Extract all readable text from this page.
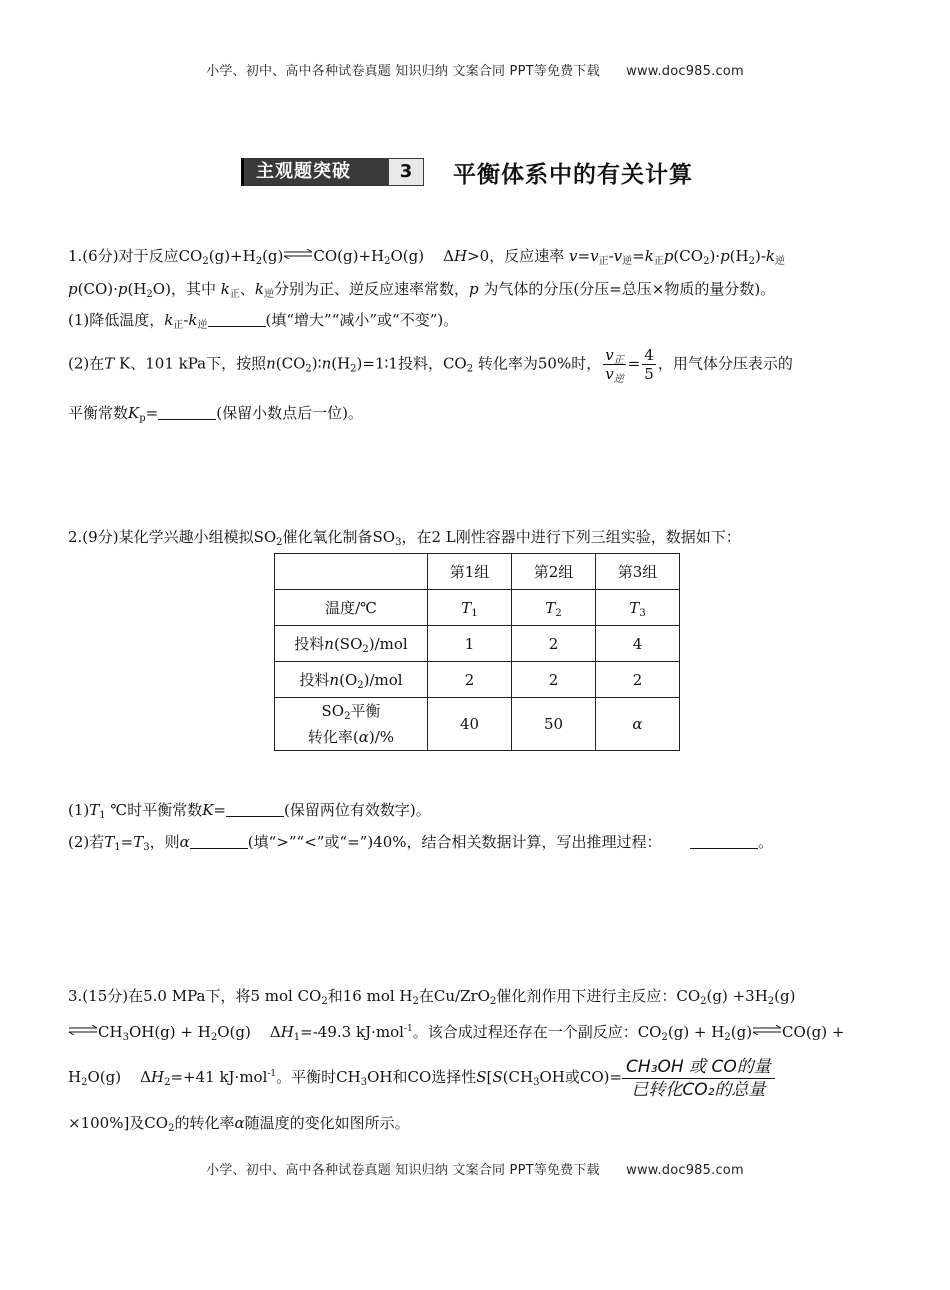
小学、初中、高中各种试卷真题 知识归纳 文案合同 PPT等免费下载 www.doc985.com
主观题突破	3	平衡体系中的有关计算
1.(6分)对于反应$CO_2(g)+H_2(g)\rightleftharpoons CO(g)+H_2O(g)$    ΔH>0，反应速率 $v=v_正-v_逆=k_正p(CO_2)\cdot p(H_2)-k_逆$
$p(CO)\cdot p(H_2O)$，其中 $k_正$、$k_逆$分别为正、逆反应速率常数，p 为气体的分压(分压=总压×物质的量分数)。
(1)降低温度，$k_正-k_逆$	(填“增大”“减小”或“不变”)。
(2)在T K、101 kPa下，按照$n(CO_2)∶n(H_2)=1∶1$投料，$CO_2$ 转化率为50%时， $\frac{v_正}{v_逆} = \frac{4}{5}$ ，用气体分压表示的
平衡常数$K_p=$	(保留小数点后一位)。
2.(9分)某化学兴趣小组模拟$SO_2$催化氧化制备$SO_3$，在2 L刚性容器中进行下列三组实验，数据如下：
	第1组	第2组	第3组
温度/℃	$T_1$	$T_2$	$T_3$
投料$n(SO_2)$/mol	1	2	4
投料$n(O_2)$/mol	2	2	2
$SO_2$平衡
转化率(α)/%	40	50	α
$(1)T_1$ ℃时平衡常数K=	(保留两位有效数字)。
(2)若$T_1=T_3$，则α	(填“>”“<”或“=”)40%，结合相关数据计算，写出推理过程：	。
3.(15分)在5.0 MPa下，将5 mol $CO_2$和16 mol $H_2$在Cu/ZrO$_2$催化剂作用下进行主反应：$CO_2(g) +3H_2(g)$
$\rightleftharpoons CH_3OH(g) + H_2O(g)$    $\Delta H_1=-49.3$ kJ·mol$^{-1}$。该合成过程还存在一个副反应：$CO_2(g)$ + $H_2(g)\rightleftharpoons CO(g)$ +
$H_2O(g)$    $\Delta H_2=+41$ kJ·mol$^{-1}$。平衡时$CH_3OH$和CO选择性$S[S(CH_3OH$或$CO)= \frac{\text{CH₃OH 或 CO的量}}{\text{已转化CO₂的总量}}$
×100%]及$CO_2$的转化率α随温度的变化如图所示。
小学、初中、高中各种试卷真题 知识归纳 文案合同 PPT等免费下载 www.doc985.com
